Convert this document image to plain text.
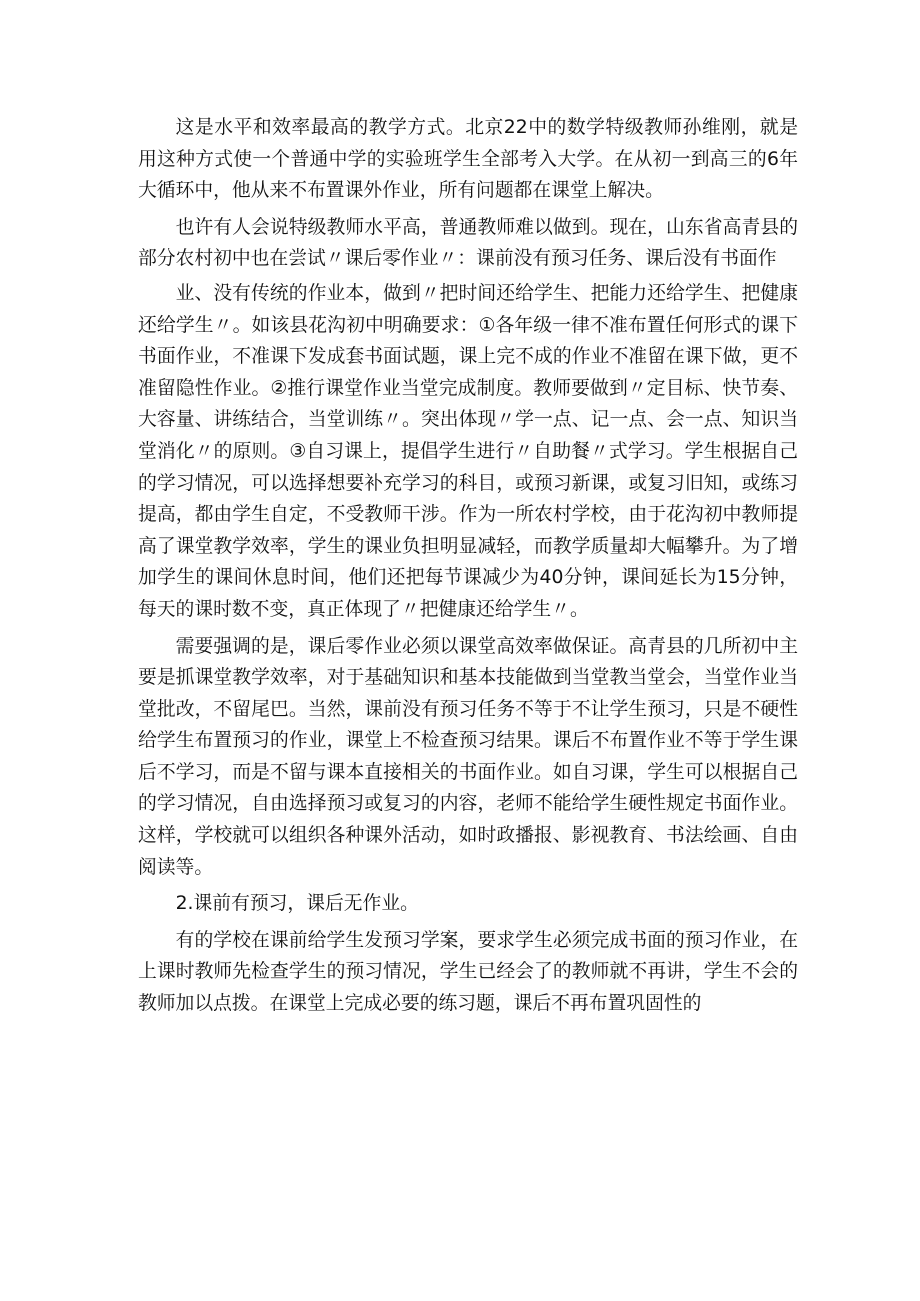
这是水平和效率最高的教学方式。北京22中的数学特级教师孙维刚，就是用这种方式使一个普通中学的实验班学生全部考入大学。在从初一到高三的6年大循环中，他从来不布置课外作业，所有问题都在课堂上解决。

也许有人会说特级教师水平高，普通教师难以做到。现在，山东省高青县的部分农村初中也在尝试〃课后零作业〃：课前没有预习任务、课后没有书面作

业、没有传统的作业本，做到〃把时间还给学生、把能力还给学生、把健康还给学生〃。如该县花沟初中明确要求：①各年级一律不准布置任何形式的课下书面作业，不准课下发成套书面试题，课上完不成的作业不准留在课下做，更不准留隐性作业。②推行课堂作业当堂完成制度。教师要做到〃定目标、快节奏、大容量、讲练结合，当堂训练〃。突出体现〃学一点、记一点、会一点、知识当堂消化〃的原则。③自习课上，提倡学生进行〃自助餐〃式学习。学生根据自己的学习情况，可以选择想要补充学习的科目，或预习新课，或复习旧知，或练习提高，都由学生自定，不受教师干涉。作为一所农村学校，由于花沟初中教师提高了课堂教学效率，学生的课业负担明显减轻，而教学质量却大幅攀升。为了增加学生的课间休息时间，他们还把每节课减少为40分钟，课间延长为15分钟，每天的课时数不变，真正体现了〃把健康还给学生〃。

需要强调的是，课后零作业必须以课堂高效率做保证。高青县的几所初中主要是抓课堂教学效率，对于基础知识和基本技能做到当堂教当堂会，当堂作业当堂批改，不留尾巴。当然，课前没有预习任务不等于不让学生预习，只是不硬性给学生布置预习的作业，课堂上不检查预习结果。课后不布置作业不等于学生课后不学习，而是不留与课本直接相关的书面作业。如自习课，学生可以根据自己的学习情况，自由选择预习或复习的内容，老师不能给学生硬性规定书面作业。这样，学校就可以组织各种课外活动，如时政播报、影视教育、书法绘画、自由阅读等。

2.课前有预习，课后无作业。

有的学校在课前给学生发预习学案，要求学生必须完成书面的预习作业，在上课时教师先检查学生的预习情况，学生已经会了的教师就不再讲，学生不会的教师加以点拨。在课堂上完成必要的练习题，课后不再布置巩固性的
